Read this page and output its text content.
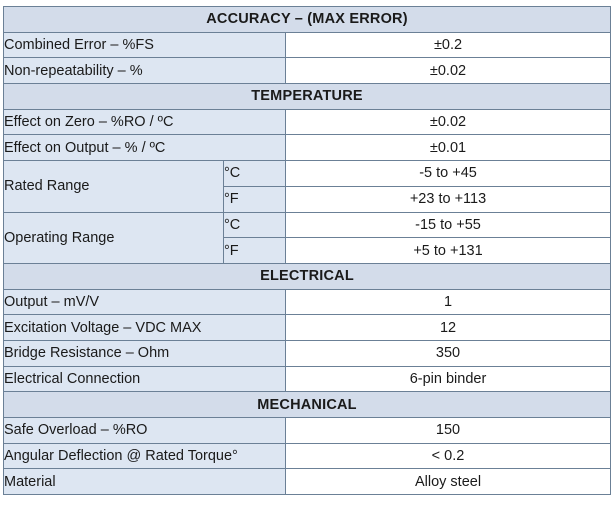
ACCURACY – (MAX ERROR)		
Combined Error – %FS		±0.2
Non-repeatability – %		±0.02
TEMPERATURE		
Effect on Zero – %RO / ºC		±0.02
Effect on Output – % / ºC		±0.01
Rated Range	°C	-5 to +45
	°F	+23 to +113
Operating Range	°C	-15 to +55
	°F	+5 to +131
ELECTRICAL		
Output – mV/V		1
Excitation Voltage – VDC MAX		12
Bridge Resistance – Ohm		350
Electrical Connection		6-pin binder
MECHANICAL		
Safe Overload – %RO		150
Angular Deflection @ Rated Torque°		< 0.2
Material		Alloy steel
